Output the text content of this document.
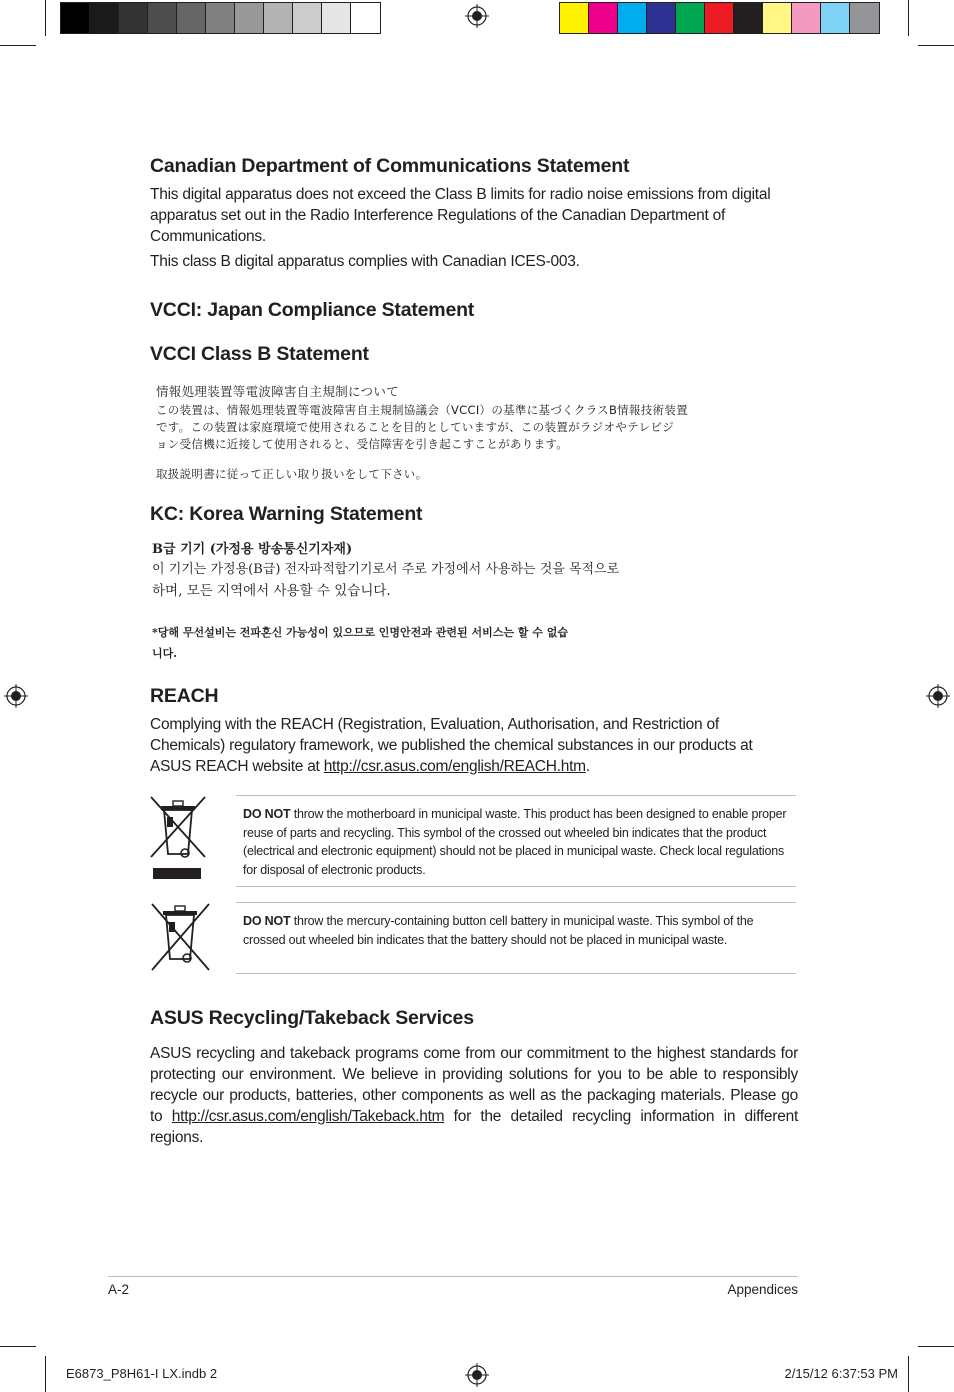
Canadian Department of Communications Statement

This digital apparatus does not exceed the Class B limits for radio noise emissions from digital apparatus set out in the Radio Interference Regulations of the Canadian Department of Communications.

This class B digital apparatus complies with Canadian ICES-003.

VCCI: Japan Compliance Statement
VCCI Class B Statement

情報処理装置等電波障害自主規制について

この装置は、情報処理装置等電波障害自主規制協議会（VCCI）の基準に基づくクラスB情報技術装置

です。この装置は家庭環境で使用されることを目的としていますが、この装置がラジオやテレビジ

ョン受信機に近接して使用されると、受信障害を引き起こすことがあります。

取扱説明書に従って正しい取り扱いをして下さい。

KC: Korea Warning Statement

B급 기기 (가정용 방송통신기자재)

이 기기는 가정용(B급) 전자파적합기기로서 주로 가정에서 사용하는 것을 목적으로

하며, 모든 지역에서 사용할 수 있습니다.

*당해 무선설비는 전파혼신 가능성이 있으므로 인명안전과 관련된 서비스는 할 수 없습

니다.

REACH

Complying with the REACH (Registration, Evaluation, Authorisation, and Restriction of Chemicals) regulatory framework, we published the chemical substances in our products at ASUS REACH website at http://csr.asus.com/english/REACH.htm.

DO NOT throw the motherboard in municipal waste. This product has been designed to enable proper reuse of parts and recycling. This symbol of the crossed out wheeled bin indicates that the product (electrical and electronic equipment) should not be placed in municipal waste. Check local regulations for disposal of electronic products.

DO NOT throw the mercury-containing button cell battery in municipal waste. This symbol of the crossed out wheeled bin indicates that the battery should not be placed in municipal waste.

ASUS Recycling/Takeback Services

ASUS recycling and takeback programs come from our commitment to the highest standards for protecting our environment. We believe in providing solutions for you to be able to responsibly recycle our products, batteries, other components as well as the packaging materials. Please go to http://csr.asus.com/english/Takeback.htm for the detailed recycling information in different regions.

A-2	Appendices
E6873_P8H61-I LX.indb 2	2/15/12 6:37:53 PM
